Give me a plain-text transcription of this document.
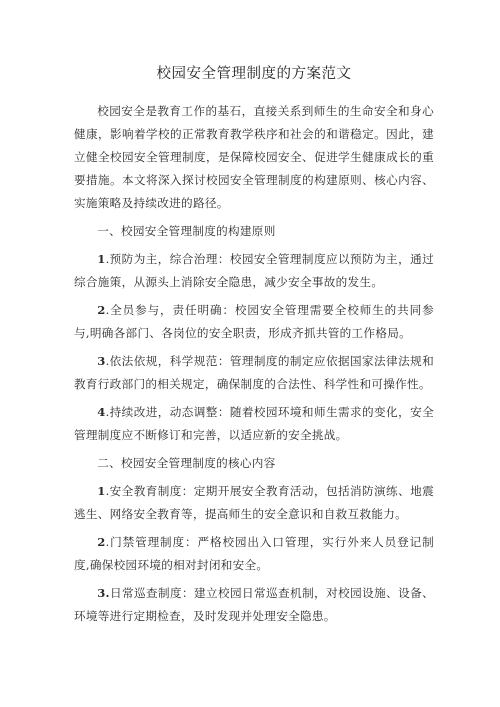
校园安全管理制度的方案范文

校园安全是教育工作的基石，直接关系到师生的生命安全和身心健康，影响着学校的正常教育教学秩序和社会的和谐稳定。因此，建立健全校园安全管理制度，是保障校园安全、促进学生健康成长的重要措施。本文将深入探讨校园安全管理制度的构建原则、核心内容、实施策略及持续改进的路径。

一、校园安全管理制度的构建原则

1.预防为主，综合治理：校园安全管理制度应以预防为主，通过综合施策，从源头上消除安全隐患，减少安全事故的发生。

2.全员参与，责任明确：校园安全管理需要全校师生的共同参与,明确各部门、各岗位的安全职责，形成齐抓共管的工作格局。

3.依法依规，科学规范：管理制度的制定应依据国家法律法规和教育行政部门的相关规定，确保制度的合法性、科学性和可操作性。

4.持续改进，动态调整：随着校园环境和师生需求的变化，安全管理制度应不断修订和完善，以适应新的安全挑战。

二、校园安全管理制度的核心内容

1.安全教育制度：定期开展安全教育活动，包括消防演练、地震逃生、网络安全教育等，提高师生的安全意识和自救互救能力。

2.门禁管理制度：严格校园出入口管理，实行外来人员登记制度,确保校园环境的相对封闭和安全。

3.日常巡查制度：建立校园日常巡查机制，对校园设施、设备、环境等进行定期检查，及时发现并处理安全隐患。
